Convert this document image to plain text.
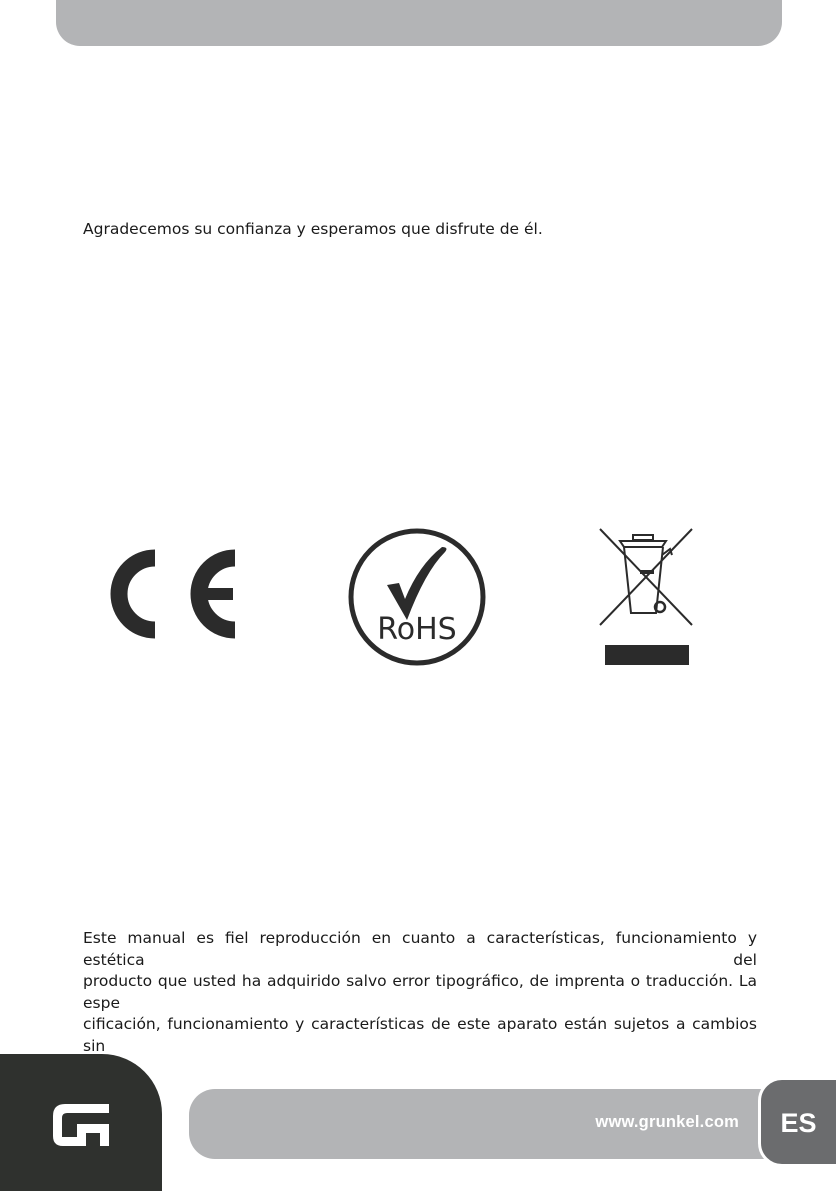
Agradecemos su confianza y esperamos que disfrute de él.

RoHS

Este manual es fiel reproducción en cuanto a características, funcionamiento y estética del
producto que usted ha adquirido salvo error tipográfico, de imprenta o traducción. La espe
cificación, funcionamiento y características de este aparato están sujetos a cambios sin

www.grunkel.com	ES
